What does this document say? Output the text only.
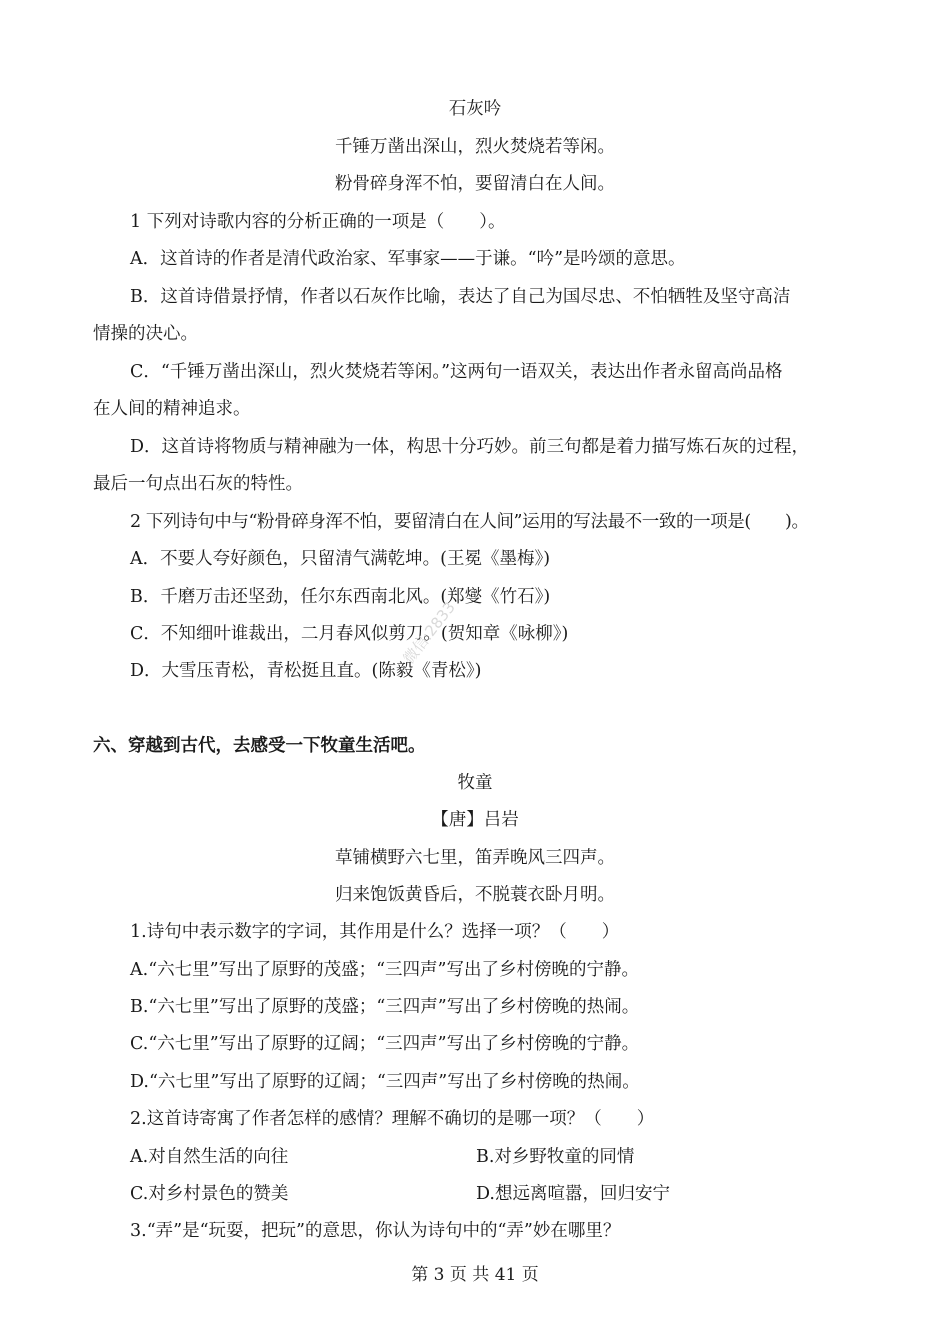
石灰吟
千锤万凿出深山，烈火焚烧若等闲。
粉骨碎身浑不怕，要留清白在人间。
1 下列对诗歌内容的分析正确的一项是（　　）。
A．这首诗的作者是清代政治家、军事家——于谦。“吟”是吟颂的意思。
B．这首诗借景抒情，作者以石灰作比喻，表达了自己为国尽忠、不怕牺牲及坚守高洁
情操的决心。
C．“千锤万凿出深山，烈火焚烧若等闲。”这两句一语双关，表达出作者永留高尚品格
在人间的精神追求。
D．这首诗将物质与精神融为一体，构思十分巧妙。前三句都是着力描写炼石灰的过程，
最后一句点出石灰的特性。
2 下列诗句中与“粉骨碎身浑不怕，要留清白在人间”运用的写法最不一致的一项是(　　)。
A．不要人夸好颜色，只留清气满乾坤。(王冕《墨梅》)
B．千磨万击还坚劲，任尔东西南北风。(郑燮《竹石》)
C．不知细叶谁裁出，二月春风似剪刀。(贺知章《咏柳》)
D．大雪压青松，青松挺且直。(陈毅《青松》)
微信:2833
六、穿越到古代，去感受一下牧童生活吧。
牧童
【唐】吕岩
草铺横野六七里，笛弄晚风三四声。
归来饱饭黄昏后，不脱蓑衣卧月明。
1.诗句中表示数字的字词，其作用是什么？选择一项？（　　）
A.“六七里”写出了原野的茂盛；“三四声”写出了乡村傍晚的宁静。
B.“六七里”写出了原野的茂盛；“三四声”写出了乡村傍晚的热闹。
C.“六七里”写出了原野的辽阔；“三四声”写出了乡村傍晚的宁静。
D.“六七里”写出了原野的辽阔；“三四声”写出了乡村傍晚的热闹。
2.这首诗寄寓了作者怎样的感情？理解不确切的是哪一项？（　　）
A.对自然生活的向往	B.对乡野牧童的同情
C.对乡村景色的赞美	D.想远离喧嚣，回归安宁
3.“弄”是“玩耍，把玩”的意思，你认为诗句中的“弄”妙在哪里？
第 3 页 共 41 页
